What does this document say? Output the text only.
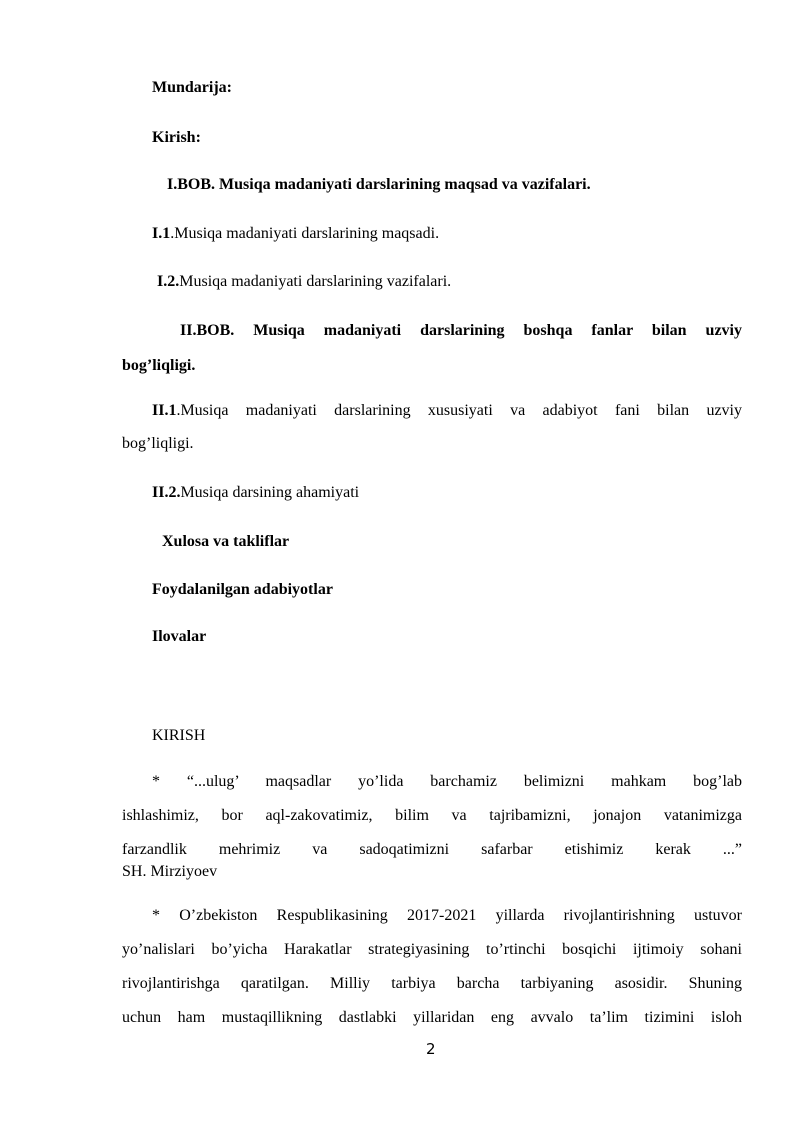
Mundarija:
Kirish:
I.BOB. Musiqa madaniyati darslarining maqsad va vazifalari.
I.1.Musiqa madaniyati darslarining maqsadi.
I.2.Musiqa madaniyati darslarining vazifalari.
II.BOB. Musiqa madaniyati darslarining boshqa fanlar bilan uzviy
bog’liqligi.
II.1 .Musiqa madaniyati darslarining xususiyati va adabiyot fani bilan uzviy
bog’liqligi.
II.2.Musiqa darsining ahamiyati
Xulosa va takliflar
Foydalanilgan adabiyotlar
Ilovalar
KIRISH
* “...ulug’ maqsadlar yo’lida barchamiz belimizni mahkam bog’lab
ishlashimiz, bor aql-zakovatimiz, bilim va tajribamizni, jonajon vatanimizga
farzandlik mehrimiz va sadoqatimizni safarbar etishimiz kerak ...”
SH. Mirziyoev
* O’zbekiston Respublikasining 2017-2021 yillarda rivojlantirishning ustuvor
yo’nalislari bo’yicha Harakatlar strategiyasining to’rtinchi bosqichi ijtimoiy sohani
rivojlantirishga qaratilgan. Milliy tarbiya barcha tarbiyaning asosidir. Shuning
uchun ham mustaqillikning dastlabki yillaridan eng avvalo ta’lim tizimini isloh
2
